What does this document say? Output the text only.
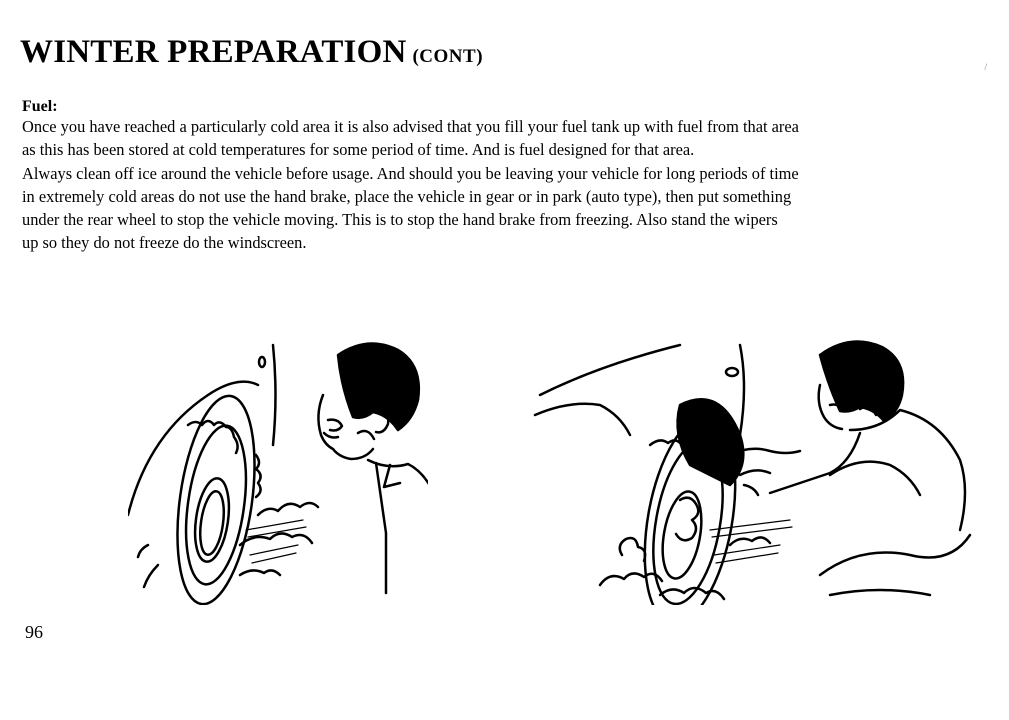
WINTER PREPARATION (CONT)	/
Fuel:
Once you have reached a particularly cold area it is also advised that you fill your fuel tank up with fuel from that area
as this has been stored at cold temperatures for some period of time. And is fuel designed for that area.
Always clean off ice around the vehicle before usage. And should you be leaving your vehicle for long periods of time
in extremely cold areas do not use the hand brake, place the vehicle in gear or in park (auto type), then put something
under the rear wheel to stop the vehicle moving. This is to stop the hand brake from freezing. Also stand the wipers
up so they do not freeze do the windscreen.
96
